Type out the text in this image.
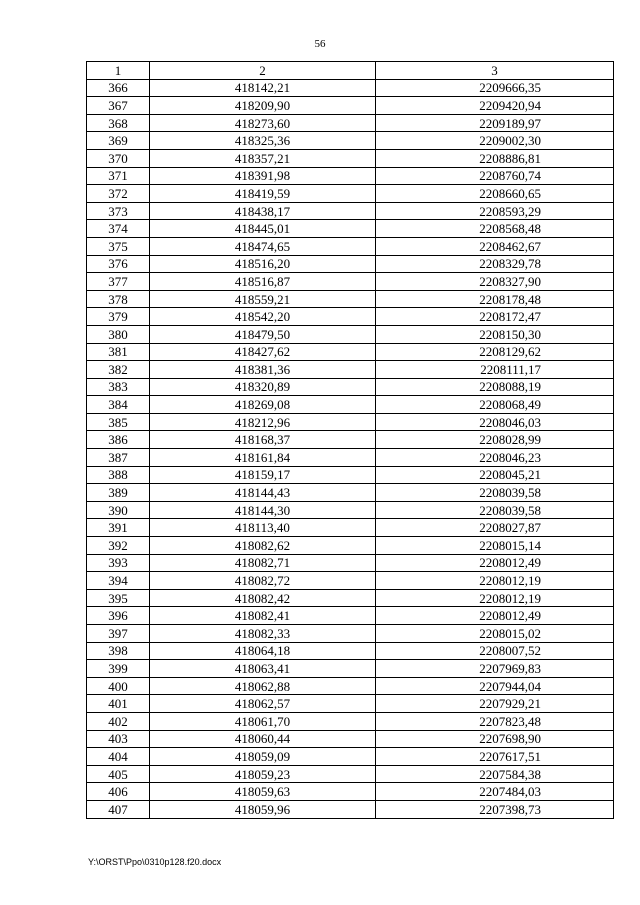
56
1	2	3
366	418142,21	2209666,35
367	418209,90	2209420,94
368	418273,60	2209189,97
369	418325,36	2209002,30
370	418357,21	2208886,81
371	418391,98	2208760,74
372	418419,59	2208660,65
373	418438,17	2208593,29
374	418445,01	2208568,48
375	418474,65	2208462,67
376	418516,20	2208329,78
377	418516,87	2208327,90
378	418559,21	2208178,48
379	418542,20	2208172,47
380	418479,50	2208150,30
381	418427,62	2208129,62
382	418381,36	2208111,17
383	418320,89	2208088,19
384	418269,08	2208068,49
385	418212,96	2208046,03
386	418168,37	2208028,99
387	418161,84	2208046,23
388	418159,17	2208045,21
389	418144,43	2208039,58
390	418144,30	2208039,58
391	418113,40	2208027,87
392	418082,62	2208015,14
393	418082,71	2208012,49
394	418082,72	2208012,19
395	418082,42	2208012,19
396	418082,41	2208012,49
397	418082,33	2208015,02
398	418064,18	2208007,52
399	418063,41	2207969,83
400	418062,88	2207944,04
401	418062,57	2207929,21
402	418061,70	2207823,48
403	418060,44	2207698,90
404	418059,09	2207617,51
405	418059,23	2207584,38
406	418059,63	2207484,03
407	418059,96	2207398,73
Y:\ORST\Ppo\0310p128.f20.docx
